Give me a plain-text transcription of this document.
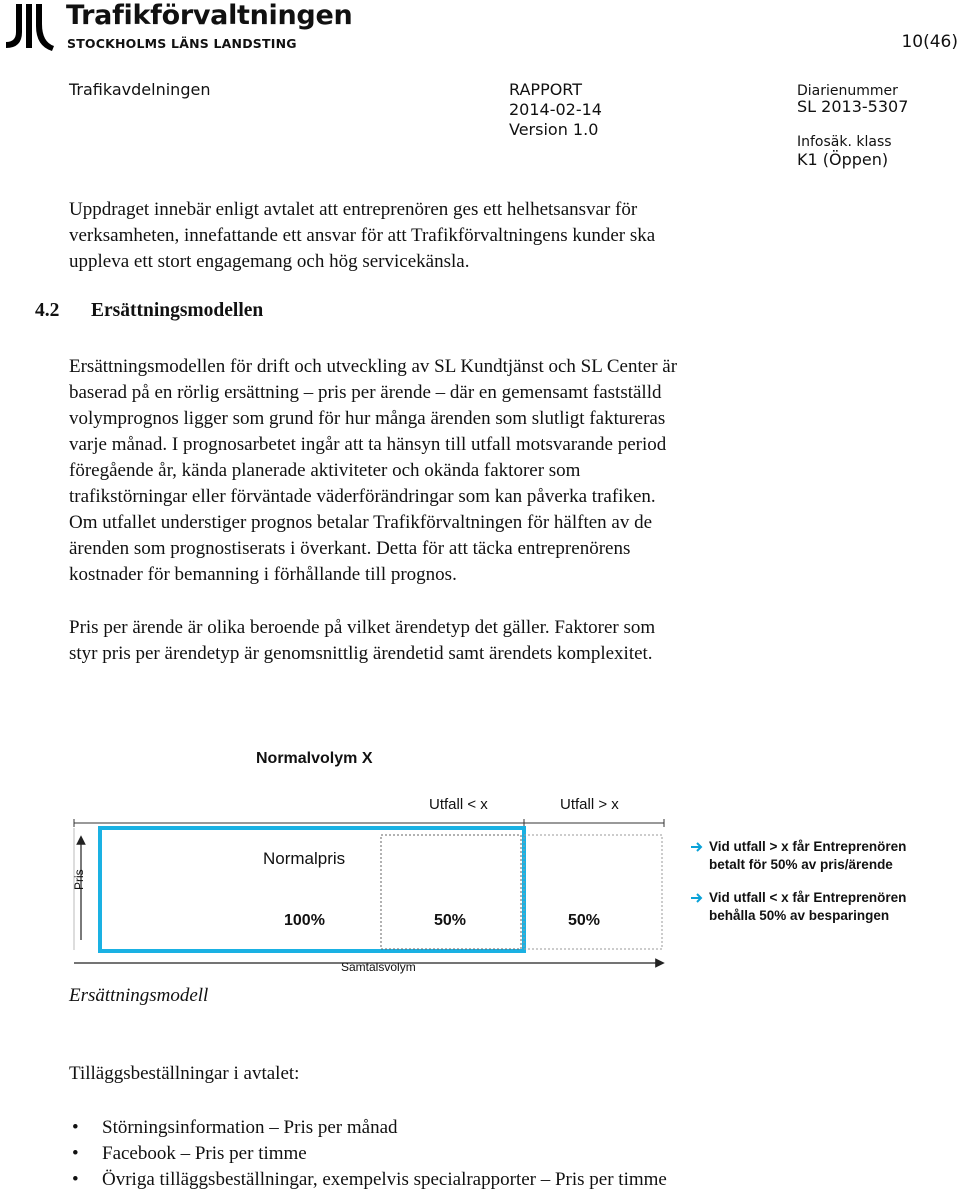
Trafikförvaltningen
STOCKHOLMS LÄNS LANDSTING	10(46)
Trafikavdelningen	RAPPORT
2014-02-14
Version 1.0
Diarienummer
SL 2013-5307
Infosäk. klass
K1 (Öppen)
Uppdraget innebär enligt avtalet att entreprenören ges ett helhetsansvar för
verksamheten, innefattande ett ansvar för att Trafikförvaltningens kunder ska
uppleva ett stort engagemang och hög servicekänsla.
4.2 Ersättningsmodellen
Ersättningsmodellen för drift och utveckling av SL Kundtjänst och SL Center är
baserad på en rörlig ersättning – pris per ärende – där en gemensamt fastställd
volymprognos ligger som grund för hur många ärenden som slutligt faktureras
varje månad. I prognosarbetet ingår att ta hänsyn till utfall motsvarande period
föregående år, kända planerade aktiviteter och okända faktorer som
trafikstörningar eller förväntade väderförändringar som kan påverka trafiken.
Om utfallet understiger prognos betalar Trafikförvaltningen för hälften av de
ärenden som prognostiserats i överkant. Detta för att täcka entreprenörens
kostnader för bemanning i förhållande till prognos.
Pris per ärende är olika beroende på vilket ärendetyp det gäller. Faktorer som
styr pris per ärendetyp är genomsnittlig ärendetid samt ärendets komplexitet.
Normalvolym X
Utfall < x	Utfall > x
Pris
Samtalsvolym
Normalpris
100%	50%	50%
Vid utfall > x får Entreprenören
betalt för 50% av pris/ärende
Vid utfall < x får Entreprenören
behålla 50% av besparingen
Ersättningsmodell
Tilläggsbeställningar i avtalet:
• Störningsinformation – Pris per månad
• Facebook – Pris per timme
• Övriga tilläggsbeställningar, exempelvis specialrapporter – Pris per timme
